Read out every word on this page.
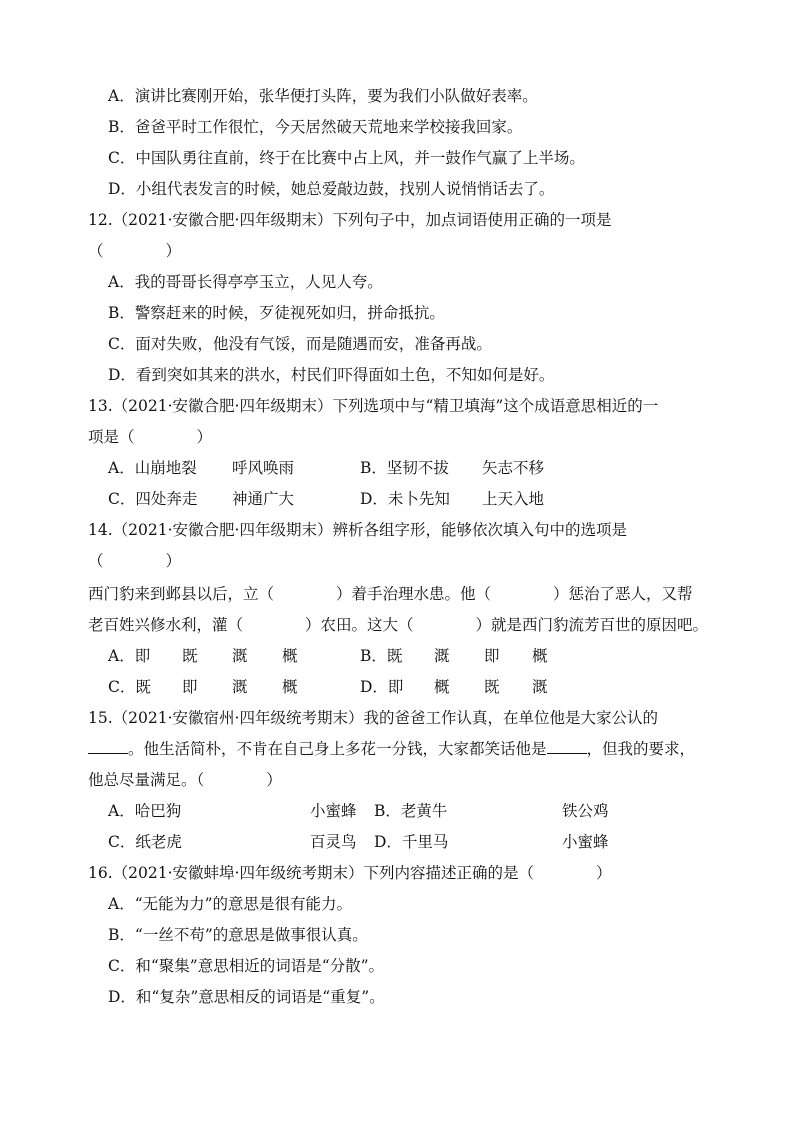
A．演讲比赛刚开始，张华便打头阵，要为我们小队做好表率。
B．爸爸平时工作很忙，今天居然破天荒地来学校接我回家。
C．中国队勇往直前，终于在比赛中占上风，并一鼓作气赢了上半场。
D．小组代表发言的时候，她总爱敲边鼓，找别人说悄悄话去了。
12.（2021·安徽合肥·四年级期末）下列句子中，加点词语使用正确的一项是
（　　　　）
A．我的哥哥长得亭亭玉立，人见人夸。
B．警察赶来的时候，歹徒视死如归，拼命抵抗。
C．面对失败，他没有气馁，而是随遇而安，准备再战。
D．看到突如其来的洪水，村民们吓得面如土色，不知如何是好。
13.（2021·安徽合肥·四年级期末）下列选项中与“精卫填海”这个成语意思相近的一
项是（　　　　）
A．山崩地裂 呼风唤雨	B．坚韧不拔 矢志不移
C．四处奔走 神通广大	D．未卜先知 上天入地
14.（2021·安徽合肥·四年级期末）辨析各组字形，能够依次填入句中的选项是
（　　　　）
西门豹来到邺县以后，立（　　　　）着手治理水患。他（　　　　）惩治了恶人，又帮
老百姓兴修水利，灌（　　　　）农田。这大（　　　　）就是西门豹流芳百世的原因吧。
A．即 既 溉 概	B．既 溉 即 概
C．既 即 溉 概	D．即 概 既 溉
15.（2021·安徽宿州·四年级统考期末）我的爸爸工作认真，在单位他是大家公认的
。他生活简朴，不肯在自己身上多花一分钱，大家都笑话他是	，但我的要求，
他总尽量满足。（　　　　）
A．哈巴狗	小蜜蜂 B．老黄牛	铁公鸡
C．纸老虎	百灵鸟 D．千里马	小蜜蜂
16.（2021·安徽蚌埠·四年级统考期末）下列内容描述正确的是（　　　　）
A．“无能为力”的意思是很有能力。
B．“一丝不苟”的意思是做事很认真。
C．和“聚集”意思相近的词语是“分散”。
D．和“复杂”意思相反的词语是“重复”。
